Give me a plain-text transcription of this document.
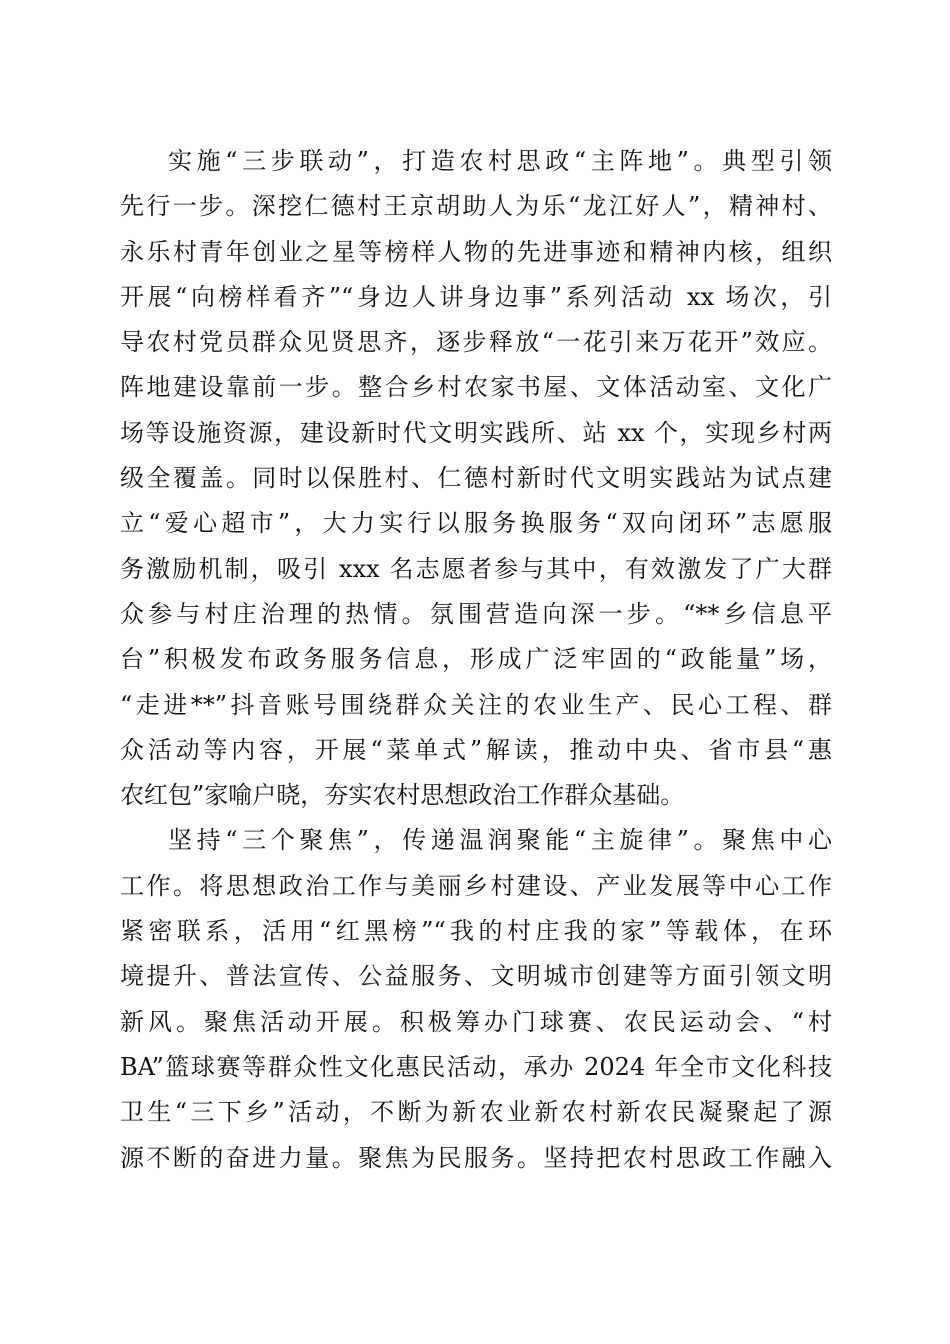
实施“三步联动”，打造农村思政“主阵地”。典型引领
先行一步。深挖仁德村王京胡助人为乐“龙江好人”，精神村、
永乐村青年创业之星等榜样人物的先进事迹和精神内核，组织
开展“向榜样看齐”“身边人讲身边事”系列活动 xx 场次，引
导农村党员群众见贤思齐，逐步释放“一花引来万花开”效应。
阵地建设靠前一步。整合乡村农家书屋、文体活动室、文化广
场等设施资源，建设新时代文明实践所、站 xx 个，实现乡村两
级全覆盖。同时以保胜村、仁德村新时代文明实践站为试点建
立“爱心超市”，大力实行以服务换服务“双向闭环”志愿服
务激励机制，吸引 xxx 名志愿者参与其中，有效激发了广大群
众参与村庄治理的热情。氛围营造向深一步。“**乡信息平
台”积极发布政务服务信息，形成广泛牢固的“政能量”场，
“走进**”抖音账号围绕群众关注的农业生产、民心工程、群
众活动等内容，开展“菜单式”解读，推动中央、省市县“惠
农红包”家喻户晓，夯实农村思想政治工作群众基础。
坚持“三个聚焦”，传递温润聚能“主旋律”。聚焦中心
工作。将思想政治工作与美丽乡村建设、产业发展等中心工作
紧密联系，活用“红黑榜”“我的村庄我的家”等载体，在环
境提升、普法宣传、公益服务、文明城市创建等方面引领文明
新风。聚焦活动开展。积极筹办门球赛、农民运动会、“村
BA”篮球赛等群众性文化惠民活动，承办 2024 年全市文化科技
卫生“三下乡”活动，不断为新农业新农村新农民凝聚起了源
源不断的奋进力量。聚焦为民服务。坚持把农村思政工作融入
